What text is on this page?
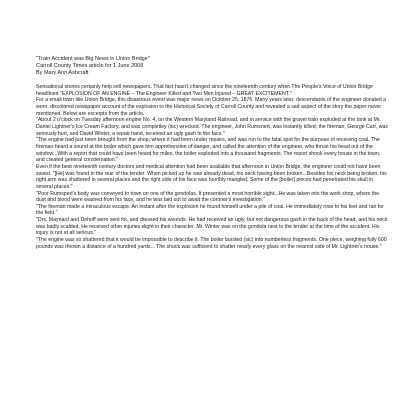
"Train Accident was Big News in Union Bridge"

Carroll County Times article for 1 June 2008

By Mary Ann Ashcraft

Sensational stories certainly help sell newspapers. That fact hasn't changed since the nineteenth century when The People's Voice of Union Bridge headlined "EXPLOSION OF AN ENGINE – The Engineer Killed and Two Men Injured – GREAT EXCITEMENT."

For a small town like Union Bridge, this disastrous event was major news on October 25, 1876. Many years later, descendants of the engineer donated a worn, discolored newspaper account of the explosion to the Historical Society of Carroll County and revealed a sad aspect of the story the paper never mentioned. Below are excerpts from the article.

"About 2 o'clock on Tuesday afternoon engine No. 4, on the Western Maryland Railroad, and in service with the gravel train exploded at the tank at Mr. Daniel Lightner's Ice Cream Factory, and was completley (sic) wrecked. The engineer, John Rumsnert, was instantly killed; the fireman, George Carr, was seriously hurt, and David Winter, a repair hand, received an ugly gash in the face."

"The engine had just been brought from the shop, where it had been under repairs, and was run to the fatal spot for the purpose of receiving coal. The fireman heard a sound at the boiler which gave him apprehension of danger, and called the attention of the engineer, who thrust his head out of the window...With a report that could have been heard for miles, the boiler exploded into a thousand fragments. The report shook every house in the town, and created general consternation."

Even if the best nineteenth century doctors and medical attention had been available that afternoon in Union Bridge, the engineer could not have been saved. "[He] was found in the rear of the tender. When picked up he was already dead, his neck having been broken...Besides his neck being broken, his right arm was shattered in several places and the right side of his face was horribly mangled, Some of the [boiler] pieces had penetrated his skull in several places."

"Poor Rumspert's body was conveyed to town on one of the gondolas. It presented a most horrible sight...He was taken into the work shop, where the dust and blood were washed from his face, and he was laid out to await the coroner's investigation."

"The fireman made a miraculous escape. An instant after the explosion he found himself under a pile of coal. He immediately rose to his feet and ran for the field."

"Drs. Maynard and Dehoff were sent for, and dressed his wounds. He had received an ugly, but not dangerous gash in the back of the head, and his neck was badly scalded. He received other injuries slight in their character. Mr. Winter was on the gondola next to the tender at the time of the accident. His injury is not at all serious."

"The engine was so shattered that it would be impossible to describe it. The boiler bursted (sic) into numberless fragments. One piece, weighing fully 600 pounds was thrown a distance of a hundred yards... The shock was sufficient to shatter nearly every glass on the nearest side of Mr. Lightner's house."
